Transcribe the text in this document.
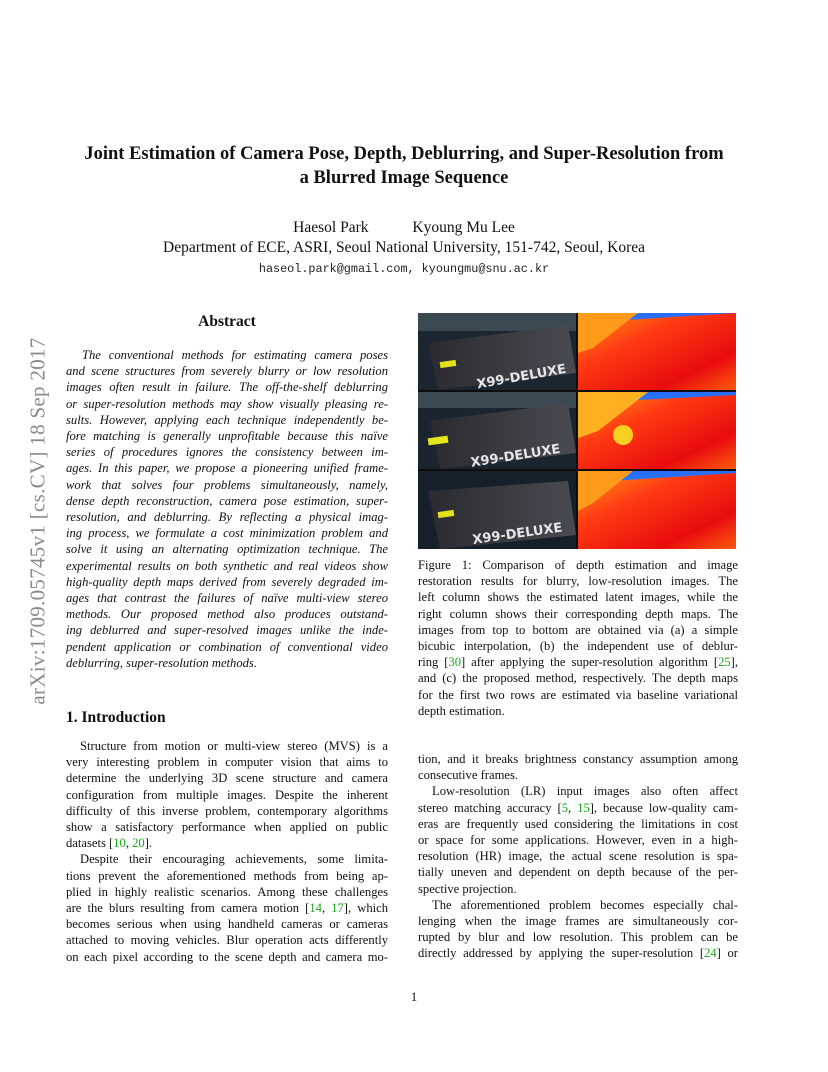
arXiv:1709.05745v1 [cs.CV] 18 Sep 2017
Joint Estimation of Camera Pose, Depth, Deblurring, and Super-Resolution from
a Blurred Image Sequence
Haesol Park	Kyoung Mu Lee
Department of ECE, ASRI, Seoul National University, 151-742, Seoul, Korea
haseol.park@gmail.com, kyoungmu@snu.ac.kr
Abstract
The conventional methods for estimating camera poses
and scene structures from severely blurry or low resolution
images often result in failure. The off-the-shelf deblurring
or super-resolution methods may show visually pleasing re-
sults. However, applying each technique independently be-
fore matching is generally unprofitable because this naïve
series of procedures ignores the consistency between im-
ages. In this paper, we propose a pioneering unified frame-
work that solves four problems simultaneously, namely,
dense depth reconstruction, camera pose estimation, super-
resolution, and deblurring. By reflecting a physical imag-
ing process, we formulate a cost minimization problem and
solve it using an alternating optimization technique. The
experimental results on both synthetic and real videos show
high-quality depth maps derived from severely degraded im-
ages that contrast the failures of naïve multi-view stereo
methods. Our proposed method also produces outstand-
ing deblurred and super-resolved images unlike the inde-
pendent application or combination of conventional video
deblurring, super-resolution methods.
1. Introduction
Structure from motion or multi-view stereo (MVS) is a
very interesting problem in computer vision that aims to
determine the underlying 3D scene structure and camera
configuration from multiple images. Despite the inherent
difficulty of this inverse problem, contemporary algorithms
show a satisfactory performance when applied on public
datasets [10, 20].
Despite their encouraging achievements, some limita-
tions prevent the aforementioned methods from being ap-
plied in highly realistic scenarios. Among these challenges
are the blurs resulting from camera motion [14, 17], which
becomes serious when using handheld cameras or cameras
attached to moving vehicles. Blur operation acts differently
on each pixel according to the scene depth and camera mo-
X99-DELUXE
X99-DELUXE
X99-DELUXE
Figure 1: Comparison of depth estimation and image
restoration results for blurry, low-resolution images. The
left column shows the estimated latent images, while the
right column shows their corresponding depth maps. The
images from top to bottom are obtained via (a) a simple
bicubic interpolation, (b) the independent use of deblur-
ring [30] after applying the super-resolution algorithm [25],
and (c) the proposed method, respectively. The depth maps
for the first two rows are estimated via baseline variational
depth estimation.
tion, and it breaks brightness constancy assumption among
consecutive frames.
Low-resolution (LR) input images also often affect
stereo matching accuracy [5, 15], because low-quality cam-
eras are frequently used considering the limitations in cost
or space for some applications. However, even in a high-
resolution (HR) image, the actual scene resolution is spa-
tially uneven and dependent on depth because of the per-
spective projection.
The aforementioned problem becomes especially chal-
lenging when the image frames are simultaneously cor-
rupted by blur and low resolution. This problem can be
directly addressed by applying the super-resolution [24] or
1
